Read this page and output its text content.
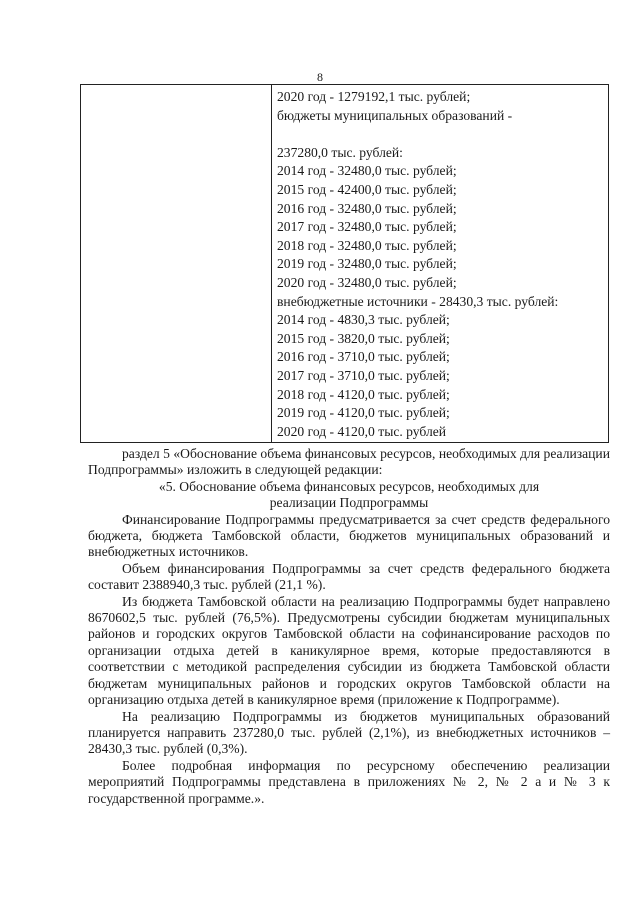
8

2020 год - 1279192,1 тыс. рублей;
бюджеты муниципальных образований -
237280,0 тыс. рублей:
2014 год - 32480,0 тыс. рублей;
2015 год - 42400,0 тыс. рублей;
2016 год - 32480,0 тыс. рублей;
2017 год - 32480,0 тыс. рублей;
2018 год - 32480,0 тыс. рублей;
2019 год - 32480,0 тыс. рублей;
2020 год - 32480,0 тыс. рублей;
внебюджетные источники - 28430,3 тыс. рублей:
2014 год - 4830,3 тыс. рублей;
2015 год - 3820,0 тыс. рублей;
2016 год - 3710,0 тыс. рублей;
2017 год - 3710,0 тыс. рублей;
2018 год - 4120,0 тыс. рублей;
2019 год - 4120,0 тыс. рублей;
2020 год - 4120,0 тыс. рублей

раздел 5 «Обоснование объема финансовых ресурсов, необходимых для реализации Подпрограммы» изложить в следующей редакции:

«5. Обоснование объема финансовых ресурсов, необходимых для

реализации Подпрограммы

Финансирование Подпрограммы предусматривается за счет средств федерального бюджета, бюджета Тамбовской области, бюджетов муниципальных образований и внебюджетных источников.

Объем финансирования Подпрограммы за счет средств федерального бюджета составит 2388940,3 тыс. рублей (21,1 %).

Из бюджета Тамбовской области на реализацию Подпрограммы будет направлено 8670602,5 тыс. рублей (76,5%). Предусмотрены субсидии бюджетам муниципальных районов и городских округов Тамбовской области на софинансирование расходов по организации отдыха детей в каникулярное время, которые предоставляются в соответствии с методикой распределения субсидии из бюджета Тамбовской области бюджетам муниципальных районов и городских округов Тамбовской области на организацию отдыха детей в каникулярное время (приложение к Подпрограмме).

На реализацию Подпрограммы из бюджетов муниципальных образований планируется направить 237280,0 тыс. рублей (2,1%), из внебюджетных источников – 28430,3 тыс. рублей (0,3%).

Более подробная информация по ресурсному обеспечению реализации мероприятий Подпрограммы представлена в приложениях № 2, № 2 а и № 3 к государственной программе.».
